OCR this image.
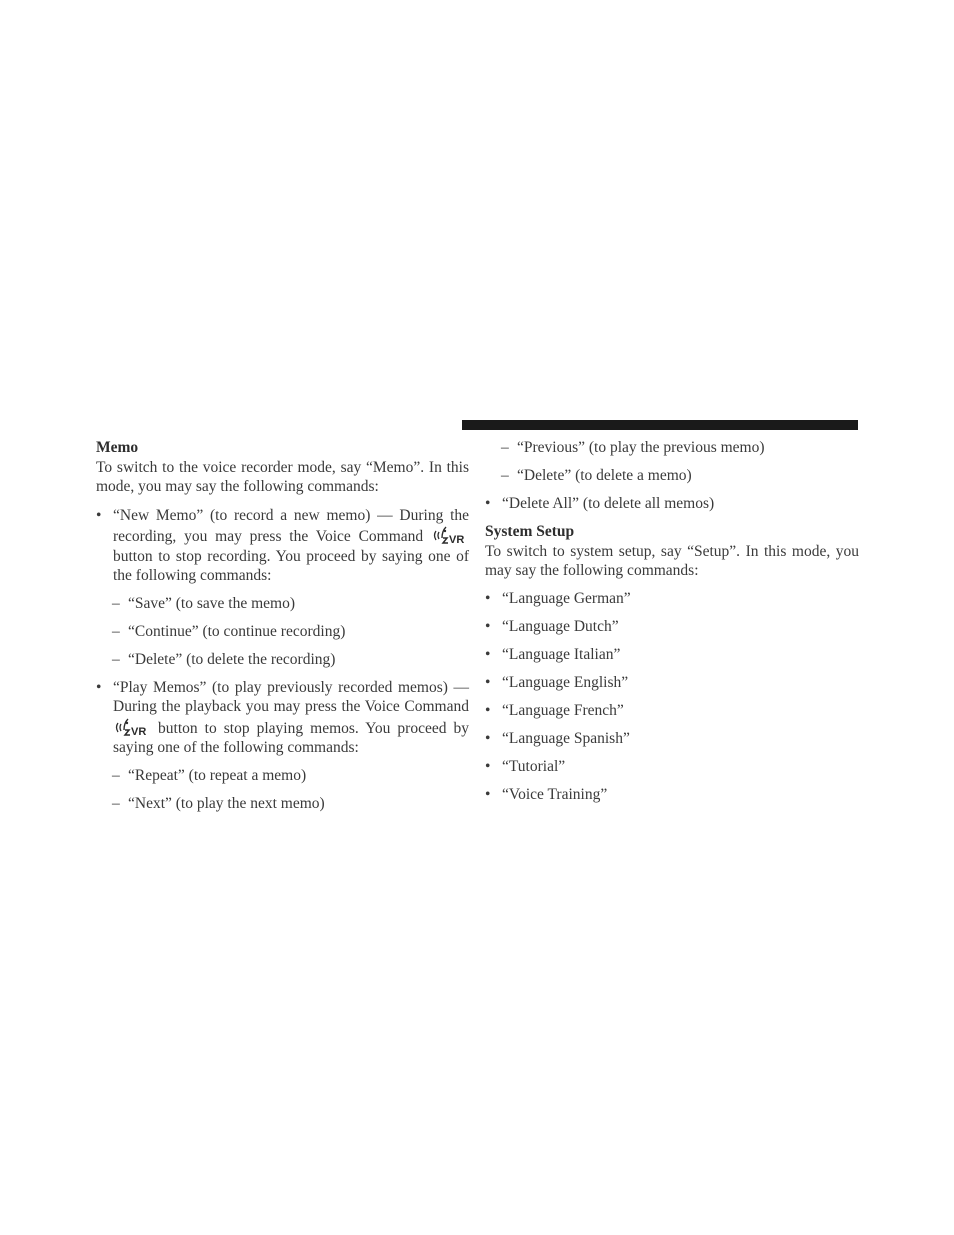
Memo

To switch to the voice recorder mode, say “Memo”. In this mode, you may say the following commands:

• “New Memo” (to record a new memo) — During the recording, you may press the Voice Command VR
button to stop recording. You proceed by saying one of the following commands:
– “Save” (to save the memo)
– “Continue” (to continue recording)
– “Delete” (to delete the recording)
• “Play Memos” (to play previously recorded memos) — During the playback you may press the Voice Command
VR button to stop playing memos. You proceed by saying one of the following commands:
– “Repeat” (to repeat a memo)
– “Next” (to play the next memo)
– “Previous” (to play the previous memo)
– “Delete” (to delete a memo)
• “Delete All” (to delete all memos)

System Setup

To switch to system setup, say “Setup”. In this mode, you may say the following commands:

• “Language German”
• “Language Dutch”
• “Language Italian”
• “Language English”
• “Language French”
• “Language Spanish”
• “Tutorial”
• “Voice Training”
